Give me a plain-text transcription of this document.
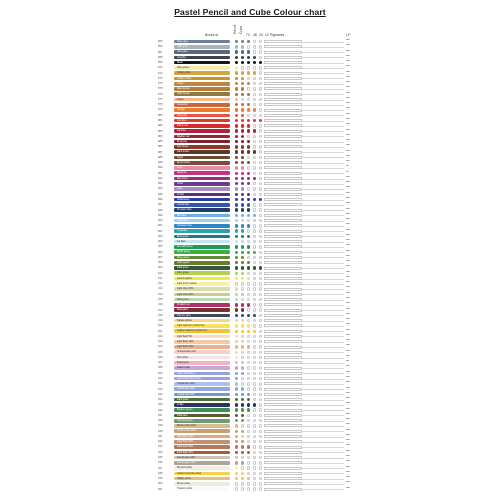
Pastel Pencil and Cube Colour chart
Boxes of
Pencil Cube
72 48 24 12 Pigments	LF
865	Slate grey	*****
866	Light grey	*****
867	Steel grey	*****
868	Graphite	*****
869	Black	*****
871	Pale yellow	*****
872	Yellow ochre	*****
873	Golden ochre	*****
874	Ochre	*****
875	Raw sienna	*****
876	Olive brown	*****
877	Peach	*****
878	Terracotta	*****
879	Orange	*****
880	Coral red	*****
881	Vermilion	*****
882	Flame red	*****
883	Carmine	*****
884	Madder red	*****
885	Burgundy	*****
886	Red brown	*****
887	Dark brown	*****
888	Sepia	*****
889	Burnt umber	*****
890	Rose	***
891	Magenta	***
892	Red violet	*****
893	Violet	*****
894	Lilac	*****
895	Purple	*****
896	Ultramarine	*****
897	Cobalt blue	*****
898	Prussian blue	*****
899	Sky blue	*****
900	Light blue	*****
901	Cerulean blue	*****
902	Turquoise	*****
903	Blue green	*****
904	Ice blue	*****
905	Emerald green	*****
906	Bright green	*****
907	Moss green	*****
908	Olive green	*****
909	Dark green	*****
910	Lime green	*****
911	Lemon yellow	****
912	Light lemon yellow	****
913	Light olive 10%	*****
914	Light olive 20%	*****
915	Pale green	*****
916	Purplish red	*****
917	Mahogany	*****
918	Payne's grey	*****
919	Naples yellow	*****
920	Light cadmium yellow hue	*****
921	Golden cadmium yellow hue	*****
922	Light flesh 5%	*****
923	Light flesh 10%	*****
924	Light flesh 20%	*****
925	Antiquewhite pink	*****
926	Pink white	****
927	Pastel pink	****
928	Pastel violet	*****
929	Light ultramarine	*****
930	Light ultramarine violet	*****
931	Cobalt blue 10%	*****
932	Cobalt blue 20%	*****
933	Cobalt blue 30%	*****
934	Dark grass	*****
935	Indigo	*****
936	Medium green	*****
937	Dark olive	*****
938	Chinese green	*****
939	Brown ochre 10%	*****
940	Brown ochre 20%	*****
941	Dark flesh 10%	*****
942	Dark flesh 20%	*****
943	Dark flesh 30%	*****
944	Dark flesh 40%	*****
945	French grey 10%	*****
946	French grey 20%	*****
947	Bismuth white	*****
948	Golden bismuth yellow	*****
949	Naples ochre	*****
950	Brown white	*****
951	Titanium white	*****
